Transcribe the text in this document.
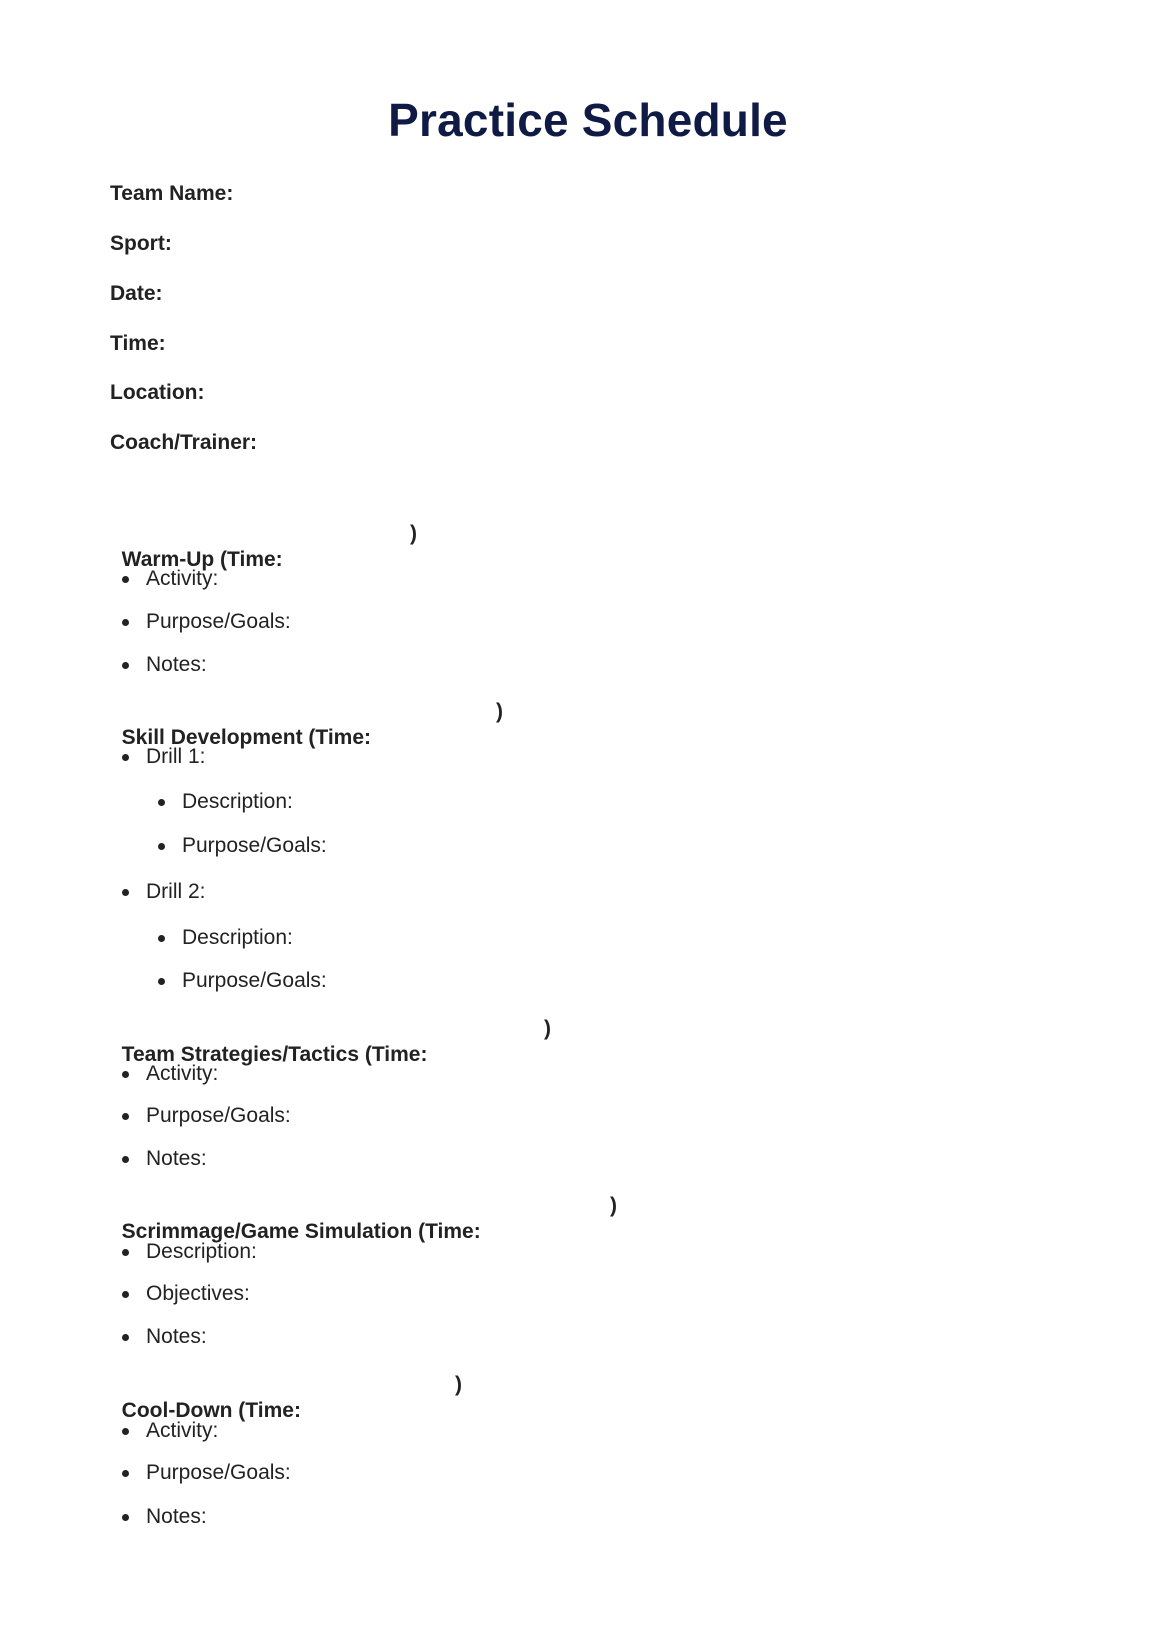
Practice Schedule
Team Name:
Sport:
Date:
Time:
Location:
Coach/Trainer:

Warm-Up (Time:

)

Activity:
Purpose/Goals:
Notes:

Skill Development (Time:

)

Drill 1:
Description:
Purpose/Goals:
Drill 2:
Description:
Purpose/Goals:

Team Strategies/Tactics (Time:

)

Activity:
Purpose/Goals:
Notes:

Scrimmage/Game Simulation (Time:

)

Description:
Objectives:
Notes:

Cool-Down (Time:

)

Activity:
Purpose/Goals:
Notes:
